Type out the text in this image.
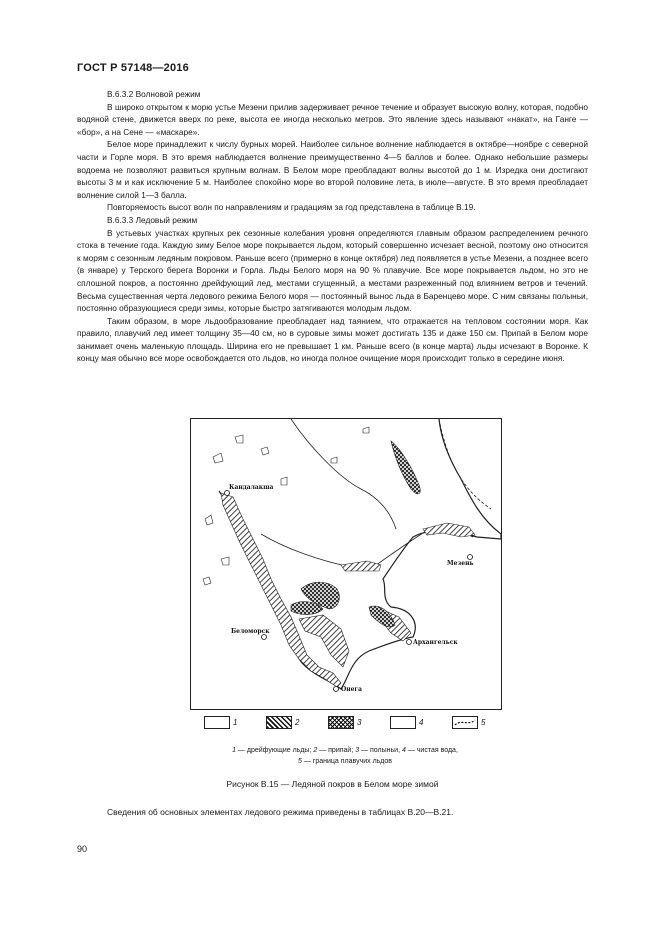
ГОСТ Р 57148—2016

В.6.3.2 Волновой режим

В широко открытом к морю устье Мезени прилив задерживает речное течение и образует высокую волну, которая, подобно водяной стене, движется вверх по реке, высота ее иногда несколько метров. Это явление здесь называют «накат», на Ганге — «бор», а на Сене — «маскаре».

Белое море принадлежит к числу бурных морей. Наиболее сильное волнение наблюдается в октябре—ноябре с северной части и Горле моря. В это время наблюдается волнение преимущественно 4—5 баллов и более. Однако небольшие размеры водоема не позволяют развиться крупным волнам. В Белом море преобладают волны высотой до 1 м. Изредка они достигают высоты 3 м и как исключение 5 м. Наиболее спокойно море во второй половине лета, в июле—августе. В это время преобладает волнение силой 1—3 балла.

Повторяемость высот волн по направлениям и градациям за год представлена в таблице В.19.

В.6.3.3 Ледовый режим

В устьевых участках крупных рек сезонные колебания уровня определяются главным образом распределением речного стока в течение года. Каждую зиму Белое море покрывается льдом, который совершенно исчезает весной, поэтому оно относится к морям с сезонным ледяным покровом. Раньше всего (примерно в конце октября) лед появляется в устье Мезени, а позднее всего (в январе) у Терского берега Воронки и Горла. Льды Белого моря на 90 % плавучие. Все море покрывается льдом, но это не сплошной покров, а постоянно дрейфующий лед, местами сгущенный, а местами разреженный под влиянием ветров и течений. Весьма существенная черта ледового режима Белого моря — постоянный вынос льда в Баренцево море. С ним связаны полыньи, постоянно образующиеся среди зимы, которые быстро затягиваются молодым льдом.

Таким образом, в море льдообразование преобладает над таянием, что отражается на тепловом состоянии моря. Как правило, плавучий лед имеет толщину 35—40 см, но в суровые зимы может достигать 135 и даже 150 см. Припай в Белом море занимает очень маленькую площадь. Ширина его не превышает 1 км. Раньше всего (в конце марта) льды исчезают в Воронке. К концу мая обычно все море освобождается ото льдов, но иногда полное очищение моря происходит только в середине июня.

Кандалакша
Мезень
Беломорск
Архангельск
Онега
1	2	3	4	5
1 — дрейфующие льды; 2 — припай; 3 — полыньи, 4 — чистая вода,
5 — граница плавучих льдов
Рисунок В.15 — Ледяной покров в Белом море зимой
Сведения об основных элементах ледового режима приведены в таблицах В.20—В.21.
90
